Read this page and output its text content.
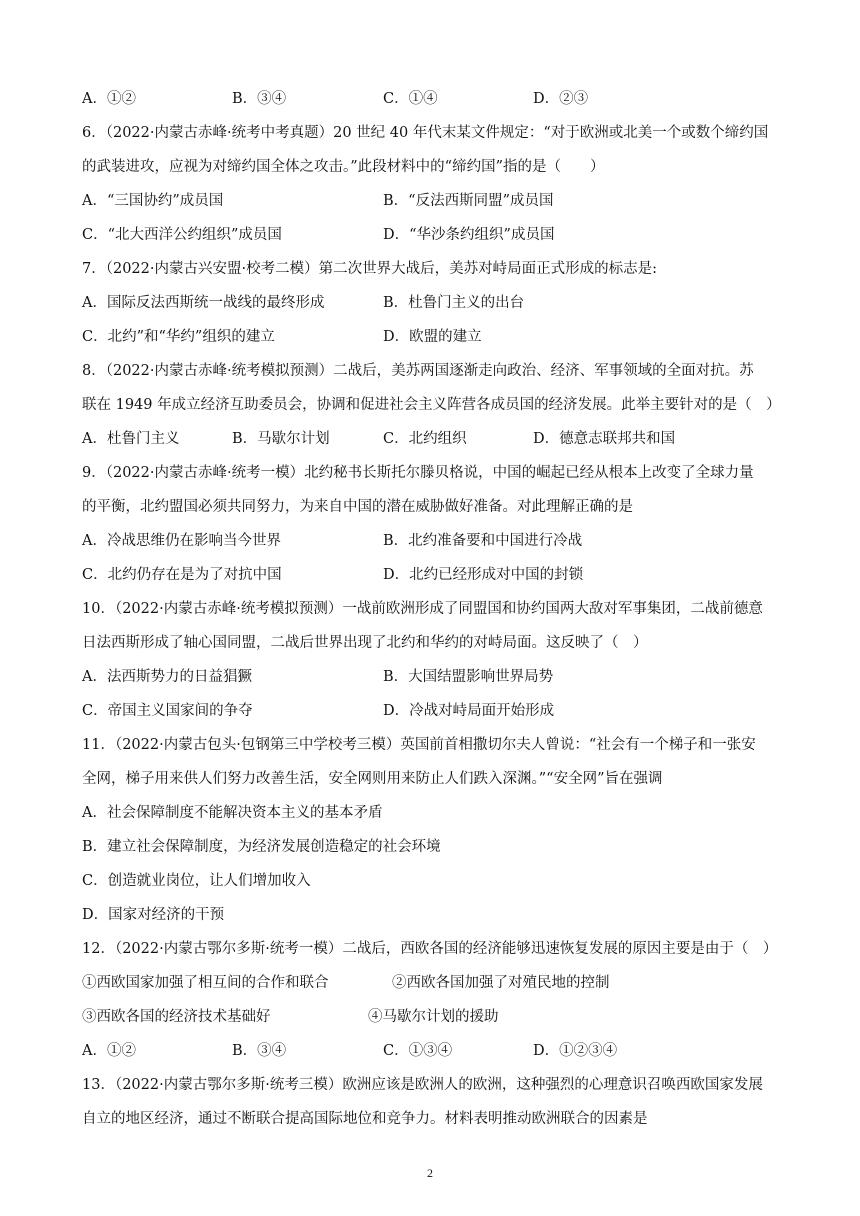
A．①②	B．③④	C．①④	D．②③
6．（2022·内蒙古赤峰·统考中考真题）20 世纪 40 年代末某文件规定：“对于欧洲或北美一个或数个缔约国
的武装进攻，应视为对缔约国全体之攻击。”此段材料中的“缔约国”指的是（　　）
A．“三国协约”成员国	B．“反法西斯同盟”成员国
C．“北大西洋公约组织”成员国	D．“华沙条约组织”成员国
7．（2022·内蒙古兴安盟·校考二模）第二次世界大战后，美苏对峙局面正式形成的标志是:
A．国际反法西斯统一战线的最终形成	B．杜鲁门主义的出台
C．北约”和“华约”组织的建立	D．欧盟的建立
8．（2022·内蒙古赤峰·统考模拟预测）二战后，美苏两国逐渐走向政治、经济、军事领域的全面对抗。苏
联在 1949 年成立经济互助委员会，协调和促进社会主义阵营各成员国的经济发展。此举主要针对的是（　）
A．杜鲁门主义	B．马歇尔计划	C．北约组织	D．德意志联邦共和国
9．（2022·内蒙古赤峰·统考一模）北约秘书长斯托尔滕贝格说，中国的崛起已经从根本上改变了全球力量
的平衡，北约盟国必须共同努力，为来自中国的潜在威胁做好准备。对此理解正确的是
A．冷战思维仍在影响当今世界	B．北约准备要和中国进行冷战
C．北约仍存在是为了对抗中国	D．北约已经形成对中国的封锁
10．（2022·内蒙古赤峰·统考模拟预测）一战前欧洲形成了同盟国和协约国两大敌对军事集团，二战前德意
日法西斯形成了轴心国同盟，二战后世界出现了北约和华约的对峙局面。这反映了（　）
A．法西斯势力的日益猖獗	B．大国结盟影响世界局势
C．帝国主义国家间的争夺	D．冷战对峙局面开始形成
11．（2022·内蒙古包头·包钢第三中学校考三模）英国前首相撒切尔夫人曾说：“社会有一个梯子和一张安
全网，梯子用来供人们努力改善生活，安全网则用来防止人们跌入深渊。”“安全网”旨在强调
A．社会保障制度不能解决资本主义的基本矛盾
B．建立社会保障制度，为经济发展创造稳定的社会环境
C．创造就业岗位，让人们增加收入
D．国家对经济的干预
12．（2022·内蒙古鄂尔多斯·统考一模）二战后，西欧各国的经济能够迅速恢复发展的原因主要是由于（　）
①西欧国家加强了相互间的合作和联合	②西欧各国加强了对殖民地的控制
③西欧各国的经济技术基础好	④马歇尔计划的援助
A．①②	B．③④	C．①③④	D．①②③④
13．（2022·内蒙古鄂尔多斯·统考三模）欧洲应该是欧洲人的欧洲，这种强烈的心理意识召唤西欧国家发展
自立的地区经济，通过不断联合提高国际地位和竞争力。材料表明推动欧洲联合的因素是
2
